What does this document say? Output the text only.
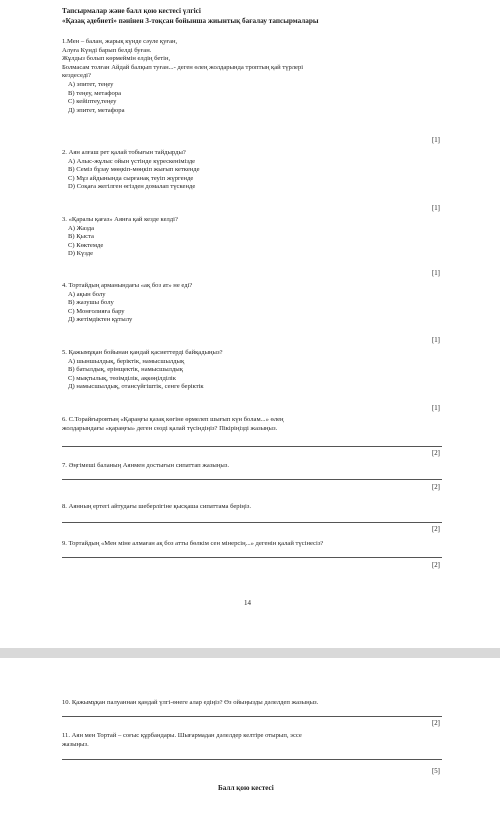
Тапсырмалар және балл қою кестесі үлгісі
«Қазақ әдебиеті» пәнінен 3-тоқсан бойынша жиынтық бағалау тапсырмалары
1.Мен – балан, жарық күнде сәуле қуған,
Алуға Күнді барып белді буған.
Жұлдыз болып көрмеймін елдің бетін,
Болмасам толған Айдай балқып туған...- деген өлең жолдарында троптың қай түрлері
кездеседі?
А) эпитет, теңеу
В) теңеу, метафора
С) кейіптеу,теңеу
Д) эпитет, метафора
[1]
2. Аян алғаш рет қалай тобығын тайдырды?
А) Алыс-жұлыс ойын үстінде күрескенімізде
В) Семіз бұзау мөңкіп-мөңкіп жығып кеткенде
С) Мұз айдынында сырғанақ теуіп жүргенде
D) Соқаға жегілген өгізден домалап түскенде
[1]
3. «Қаралы қағаз» Аянға қай кезде келді?
А) Жазда
В) Қыста
С) Көктемде
D) Күзде
[1]
4. Тортайдың арманындағы «ақ боз ат» не еді?
А) ақын болу
В) жазушы болу
С) Монғолияға бару
Д) жетімдіктен құтылу
[1]
5. Қажымұқан бойынан қандай қасиеттерді байқадыңыз?
А) шыншылдық, беріктік, намысшылдық
В) батылдық, ерінщектік, намысшылдық
С) мықтылық, төзімділік, ақкөңілділік
Д) намысшылдық, отансүйгіштік, сенге беріктік
[1]
6. С.Торайғыровтың «Қараңғы қазақ көгіне өрмелеп шығып күн болам...» өлең
жолдарындағы «қараңғы» деген сөзді қалай түсіндіңіз? Пікіріңізді жазыңыз.
[2]
7. Әңгімеші баланың Аянмен достығын сипаттап жазыңыз.
[2]
8. Аянның ертегі айтудағы шеберлігіне қысқаша сипаттама беріңіз.
[2]
9. Тортайдың «Мен міне алмаған ақ боз атты бөлкім сен мінерсің...» дегенін қалай түсінесіз?
[2]
14
10. Қажымұқан палуаннан қандай үлгі-өнеге алар едіңіз? Өз ойыңызды дәлелдеп жазыңыз.
[2]
11. Аян мен Тортай – соғыс құрбандары. Шығармадан дәлелдер келтіре отырып, эссе
жазыңыз.
[5]
Балл қою кестесі
